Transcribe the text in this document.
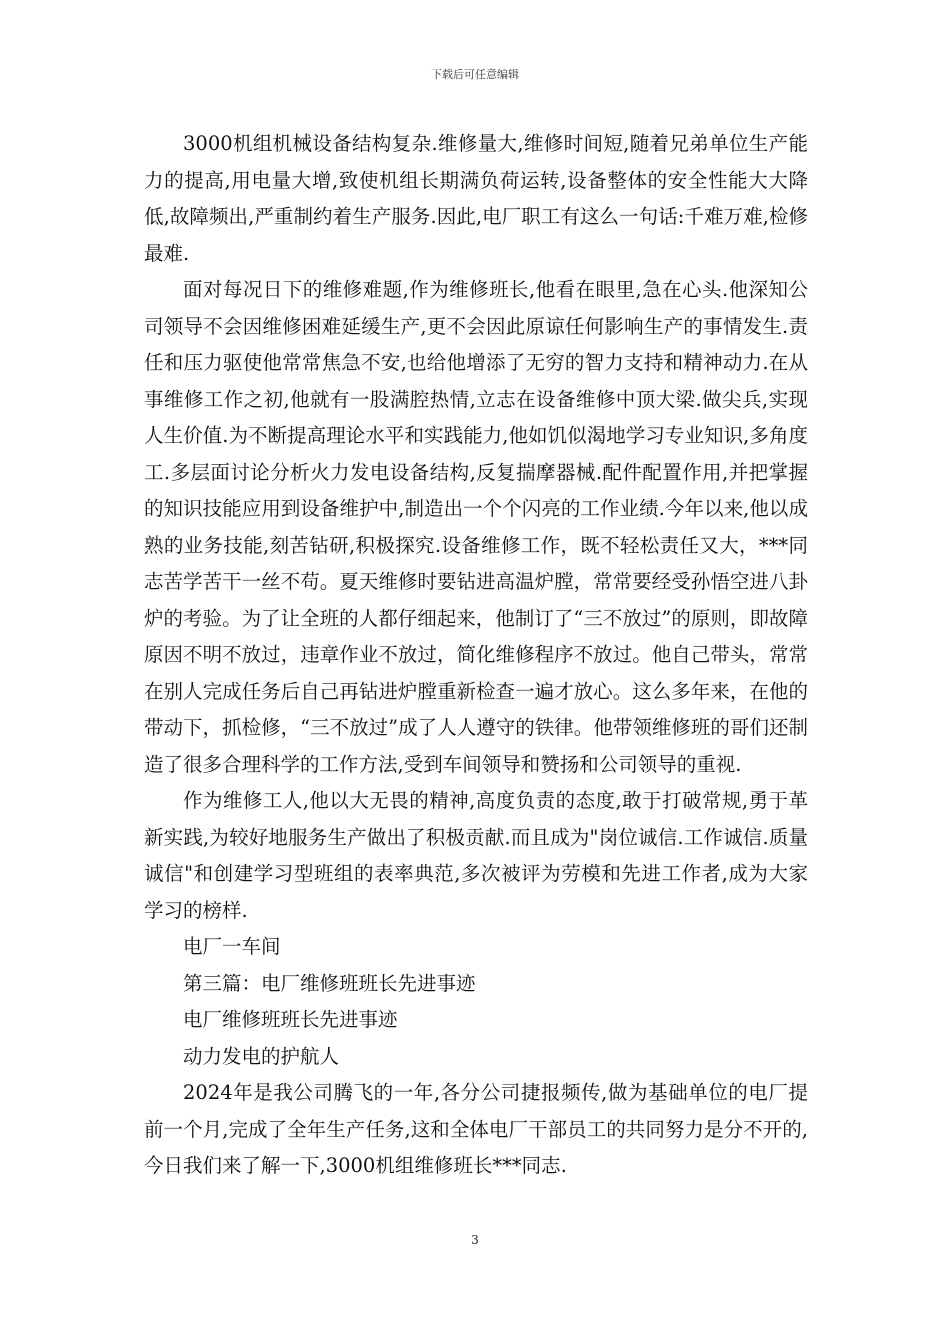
下载后可任意编辑

3000机组机械设备结构复杂.维修量大,维修时间短,随着兄弟单位生产能力的提高,用电量大增,致使机组长期满负荷运转,设备整体的安全性能大大降低,故障频出,严重制约着生产服务.因此,电厂职工有这么一句话:千难万难,检修最难.

面对每况日下的维修难题,作为维修班长,他看在眼里,急在心头.他深知公司领导不会因维修困难延缓生产,更不会因此原谅任何影响生产的事情发生.责任和压力驱使他常常焦急不安,也给他增添了无穷的智力支持和精神动力.在从事维修工作之初,他就有一股满腔热情,立志在设备维修中顶大梁.做尖兵,实现人生价值.为不断提高理论水平和实践能力,他如饥似渴地学习专业知识,多角度工.多层面讨论分析火力发电设备结构,反复揣摩器械.配件配置作用,并把掌握的知识技能应用到设备维护中,制造出一个个闪亮的工作业绩.今年以来,他以成熟的业务技能,刻苦钻研,积极探究.设备维修工作，既不轻松责任又大，***同志苦学苦干一丝不苟。夏天维修时要钻进高温炉膛，常常要经受孙悟空进八卦炉的考验。为了让全班的人都仔细起来，他制订了“三不放过”的原则，即故障原因不明不放过，违章作业不放过，简化维修程序不放过。他自己带头，常常在别人完成任务后自己再钻进炉膛重新检查一遍才放心。这么多年来，在他的带动下，抓检修，“三不放过”成了人人遵守的铁律。他带领维修班的哥们还制造了很多合理科学的工作方法,受到车间领导和赞扬和公司领导的重视.

作为维修工人,他以大无畏的精神,高度负责的态度,敢于打破常规,勇于革新实践,为较好地服务生产做出了积极贡献.而且成为"岗位诚信.工作诚信.质量诚信"和创建学习型班组的表率典范,多次被评为劳模和先进工作者,成为大家学习的榜样.

电厂一车间

第三篇：电厂维修班班长先进事迹

电厂维修班班长先进事迹

动力发电的护航人

2024年是我公司腾飞的一年,各分公司捷报频传,做为基础单位的电厂提前一个月,完成了全年生产任务,这和全体电厂干部员工的共同努力是分不开的,今日我们来了解一下,3000机组维修班长***同志.

3
